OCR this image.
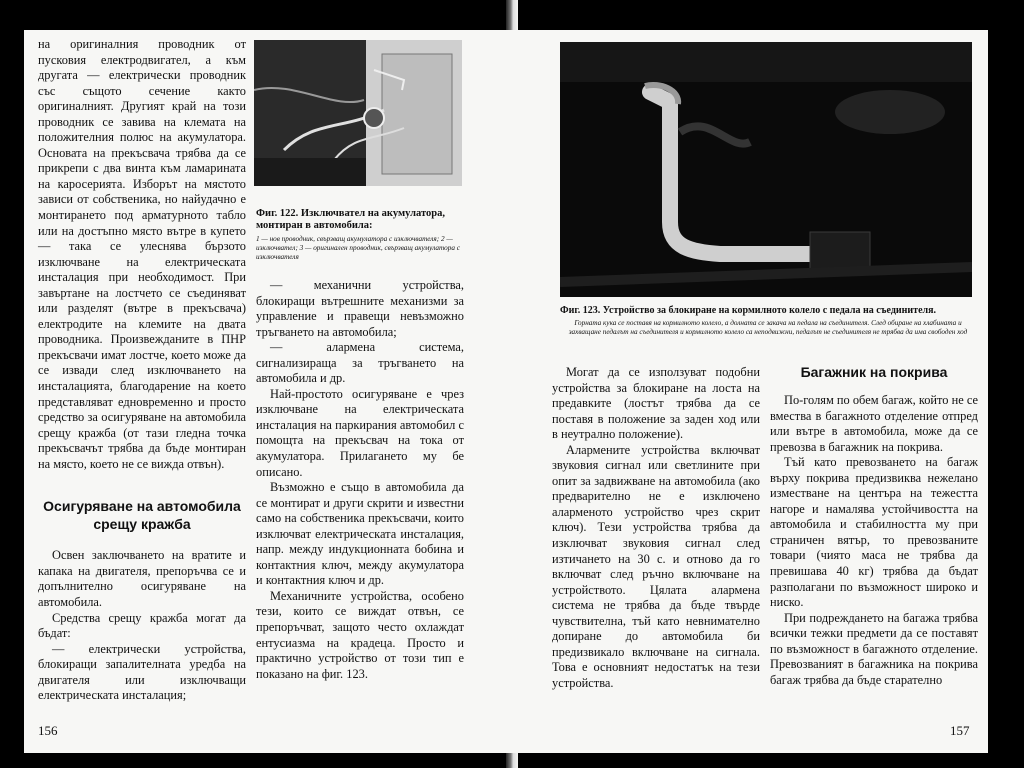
на оригиналния проводник от пусковия електродвигател, а към другата — електрически проводник със същото сечение както оригиналният. Другият край на този проводник се завива на клемата на положителния полюс на акумулатора. Основата на прекъсвача трябва да се прикрепи с два винта към ламарината на каросерията. Изборът на мястото зависи от собственика, но найудачно е монтирането под арматурното табло или на достъпно място вътре в купето — така се улеснява бързото изключване на електрическата инсталация при необходимост. При завъртане на лостчето се съединяват или разделят (вътре в прекъсвача) електродите на клемите на двата проводника. Произвежданите в ПНР прекъсвачи имат лостче, което може да се извади след изключването на инсталацията, благодарение на което представляват едновременно и просто средство за осигуряване на автомобила срещу кражба (от тази гледна точка прекъсвачът трябва да бъде монтиран на място, което не се вижда отвън).

Осигуряване на автомобила срещу кражба

Освен заключването на вратите и капака на двигателя, препоръчва се и допълнително осигуряване на автомобила.

Средства срещу кражба могат да бъдат:

— електрически устройства, блокиращи запалителната уредба на двигателя или изключващи електрическата инсталация;

Фиг. 122. Изключвател на акумулатора, монтиран в автомобила:
1 — нов проводник, свързващ акумулатора с изключвателя; 2 — изключвател; 3 — оригинален проводник, свързващ акумулатора с изключвателя

— механични устройства, блокиращи вътрешните механизми за управление и правещи невъзможно тръгването на автомобила;

— алармена система, сигнализираща за тръгването на автомобила и др.

Най-простото осигуряване е чрез изключване на електрическата инсталация на паркирания автомобил с помощта на прекъсвач на тока от акумулатора. Прилагането му бе описано.

Възможно е също в автомобила да се монтират и други скрити и известни само на собственика прекъсвачи, които изключват електрическата инсталация, напр. между индукционната бобина и контактния ключ, между акумулатора и контактния ключ и др.

Механичните устройства, особено тези, които се виждат отвън, се препоръчват, защото често охлаждат ентусиазма на крадеца. Просто и практично устройство от този тип е показано на фиг. 123.

156
Фиг. 123. Устройство за блокиране на кормилното колело с педала на съединителя.
Горната кука се поставя на кормилното колело, а долната се закача на педала на съединителя. След обиране на хлабината и захващане педалът на съединителя и кормилното колело са неподвижни, педалът не съединителя не трябва да има свободен ход

Могат да се използуват подобни устройства за блокиране на лоста на предавките (лостът трябва да се поставя в положение за заден ход или в неутрално положение).

Алармените устройства включват звуковия сигнал или светлините при опит за задвижване на автомобила (ако предварително не е изключено алармeното устройство чрез скрит ключ). Тези устройства трябва да изключват звуковия сигнал след изтичането на 30 с. и отново да го включват след ръчно включване на устройството. Цялата алармена система не трябва да бъде твърде чувствителна, тъй като невнимателно допиране до автомобила би предизвикало включване на сигнала. Това е основният недостатък на тези устройства.

Багажник на покрива

По-голям по обем багаж, който не се вмества в багажното отделение отпред или вътре в автомобила, може да се превозва в багажник на покрива.

Тъй като превозването на багаж върху покрива предизвиква нежелано изместване на центъра на тежестта нагоре и намалява устойчивостта на автомобила и стабилността му при страничен вятър, то превозваните товари (чиято маса не трябва да превишава 40 кг) трябва да бъдат разполагани по възможност широко и ниско.

При подреждането на багажа трябва всички тежки предмети да се поставят по възможност в багажното отделение. Превозваният в багажника на покрива багаж трябва да бъде старателно

157
